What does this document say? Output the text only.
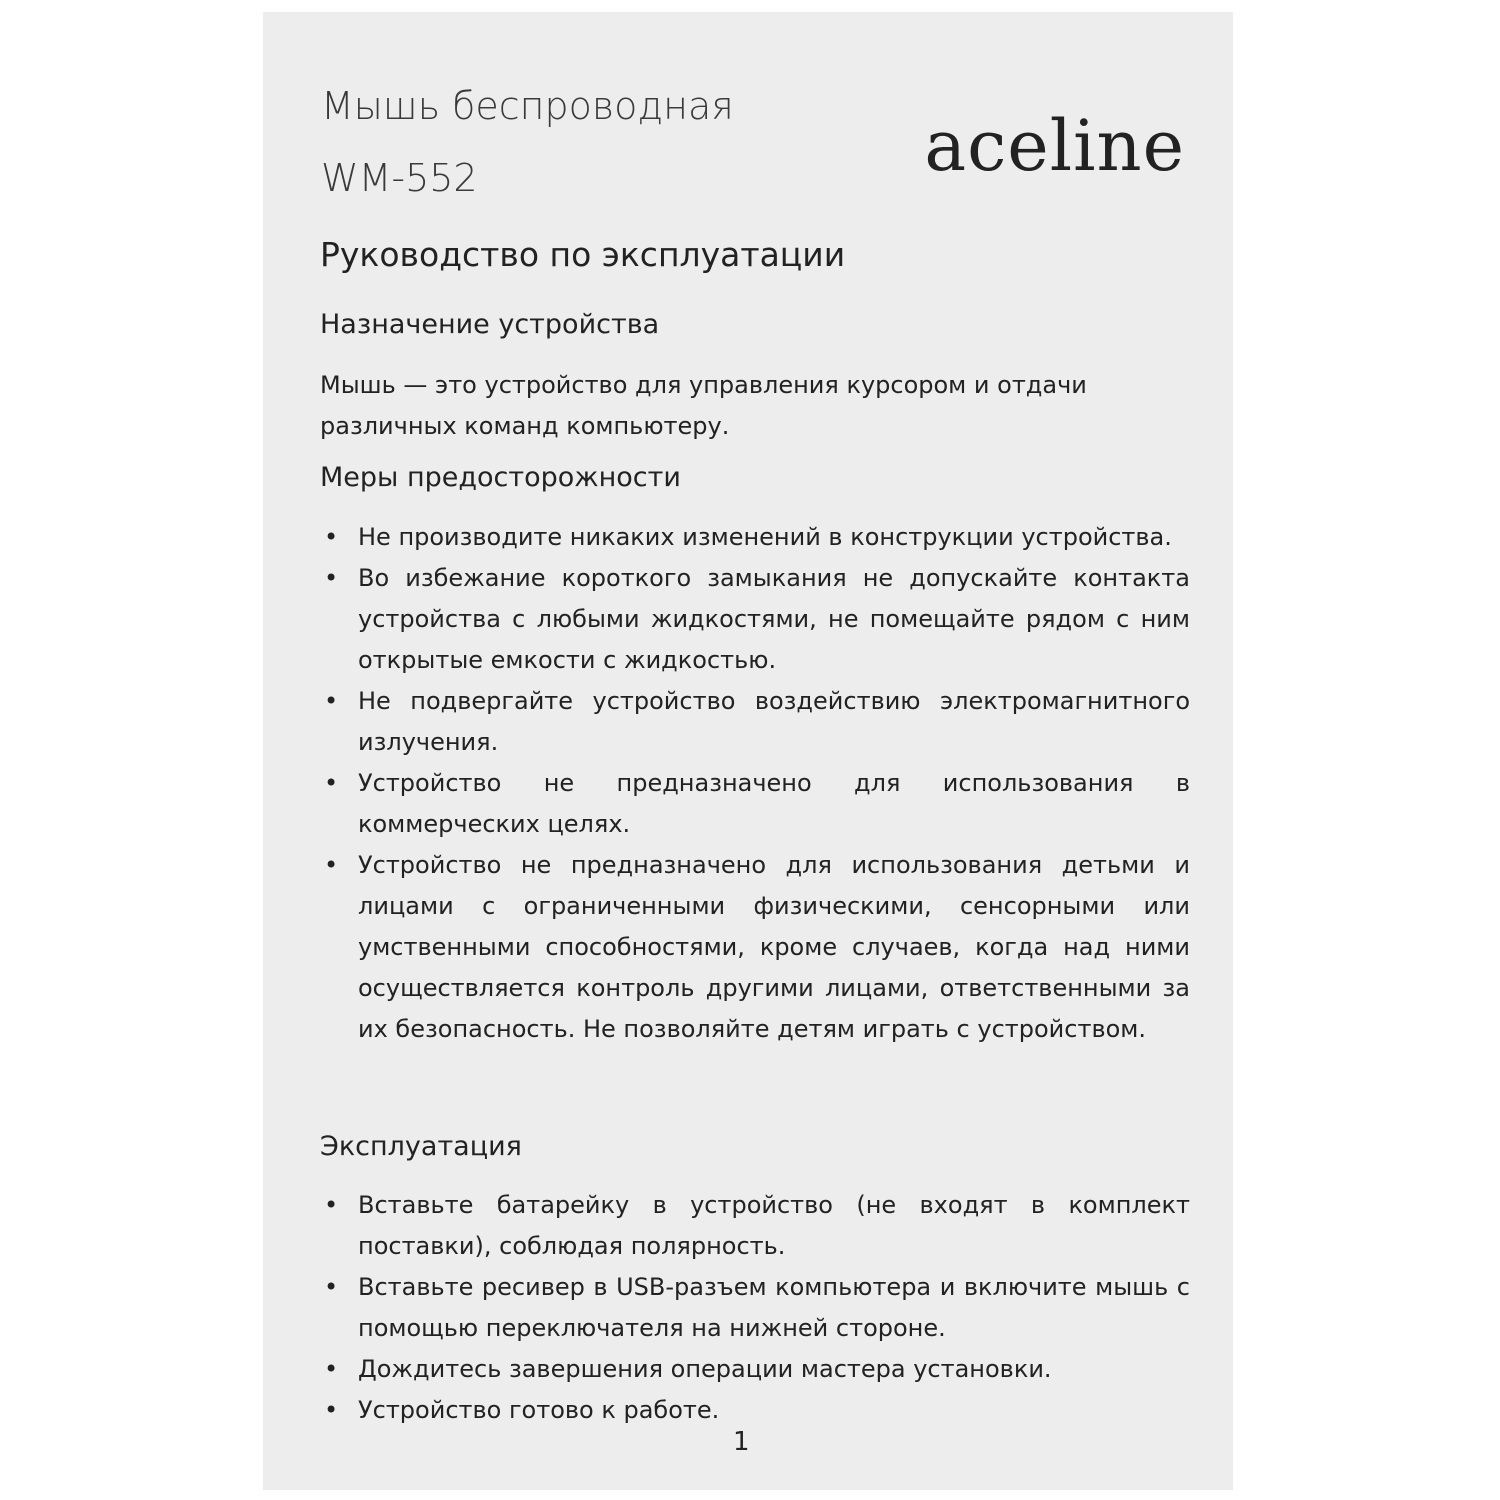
Мышь беспроводная
WM-552	aceline
Руководство по эксплуатации
Назначение устройства
Мышь — это устройство для управления курсором и отдачи различных команд компьютеру.
Меры предосторожности
• Не производите никаких изменений в конструкции устройства.
• Во избежание короткого замыкания не допускайте контакта устройства с любыми жидкостями, не помещайте рядом с ним открытые емкости с жидкостью.
• Не подвергайте устройство воздействию электромагнитного излучения.
• Устройство не предназначено для использования в коммерческих целях.
• Устройство не предназначено для использования детьми и лицами с ограниченными физическими, сенсорными или умственными способностями, кроме случаев, когда над ними осуществляется контроль другими лицами, ответственными за их безопасность. Не позволяйте детям играть с устройством.
Эксплуатация
• Вставьте батарейку в устройство (не входят в комплект поставки), соблюдая полярность.
• Вставьте ресивер в USB-разъем компьютера и включите мышь с помощью переключателя на нижней стороне.
• Дождитесь завершения операции мастера установки.
• Устройство готово к работе.
1
